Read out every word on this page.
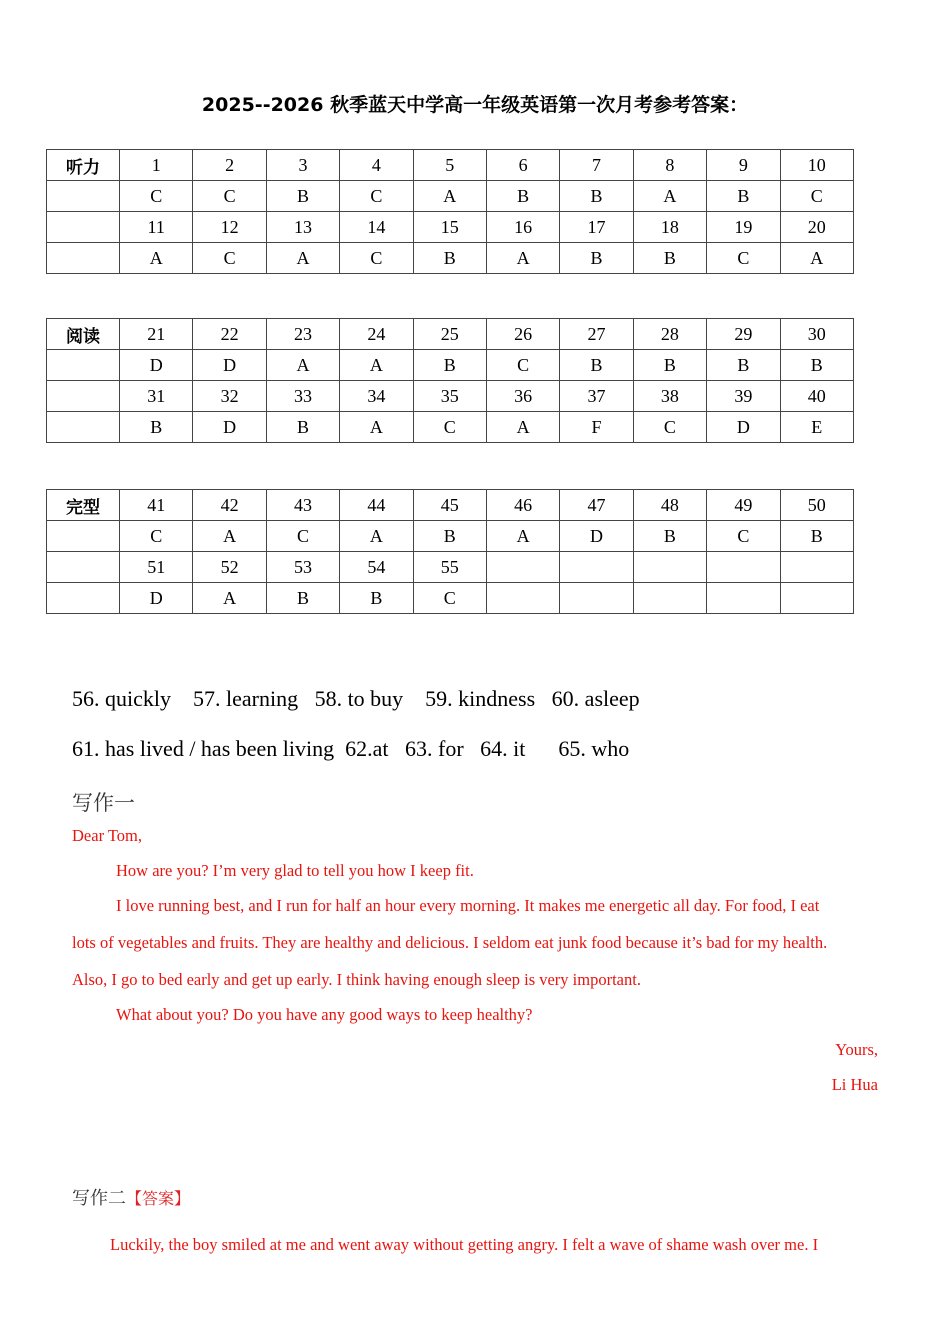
2025--2026 秋季蓝天中学高一年级英语第一次月考参考答案：
听力	1	2	3	4	5	6	7	8	9	10
	C	C	B	C	A	B	B	A	B	C
	11	12	13	14	15	16	17	18	19	20
	A	C	A	C	B	A	B	B	C	A
阅读	21	22	23	24	25	26	27	28	29	30
	D	D	A	A	B	C	B	B	B	B
	31	32	33	34	35	36	37	38	39	40
	B	D	B	A	C	A	F	C	D	E
完型	41	42	43	44	45	46	47	48	49	50
	C	A	C	A	B	A	D	B	C	B
	51	52	53	54	55					
	D	A	B	B	C					
56. quickly    57. learning   58. to buy    59. kindness   60. asleep
61. has lived / has been living  62.at   63. for   64. it      65. who
写作一
Dear Tom,
How are you? I’m very glad to tell you how I keep fit.
I love running best, and I run for half an hour every morning. It makes me energetic all day. For food, I eat
lots of vegetables and fruits. They are healthy and delicious. I seldom eat junk food because it’s bad for my health.
Also, I go to bed early and get up early. I think having enough sleep is very important.
What about you? Do you have any good ways to keep healthy?
Yours,
Li Hua
写作二【答案】
Luckily, the boy smiled at me and went away without getting angry. I felt a wave of shame wash over me. I
